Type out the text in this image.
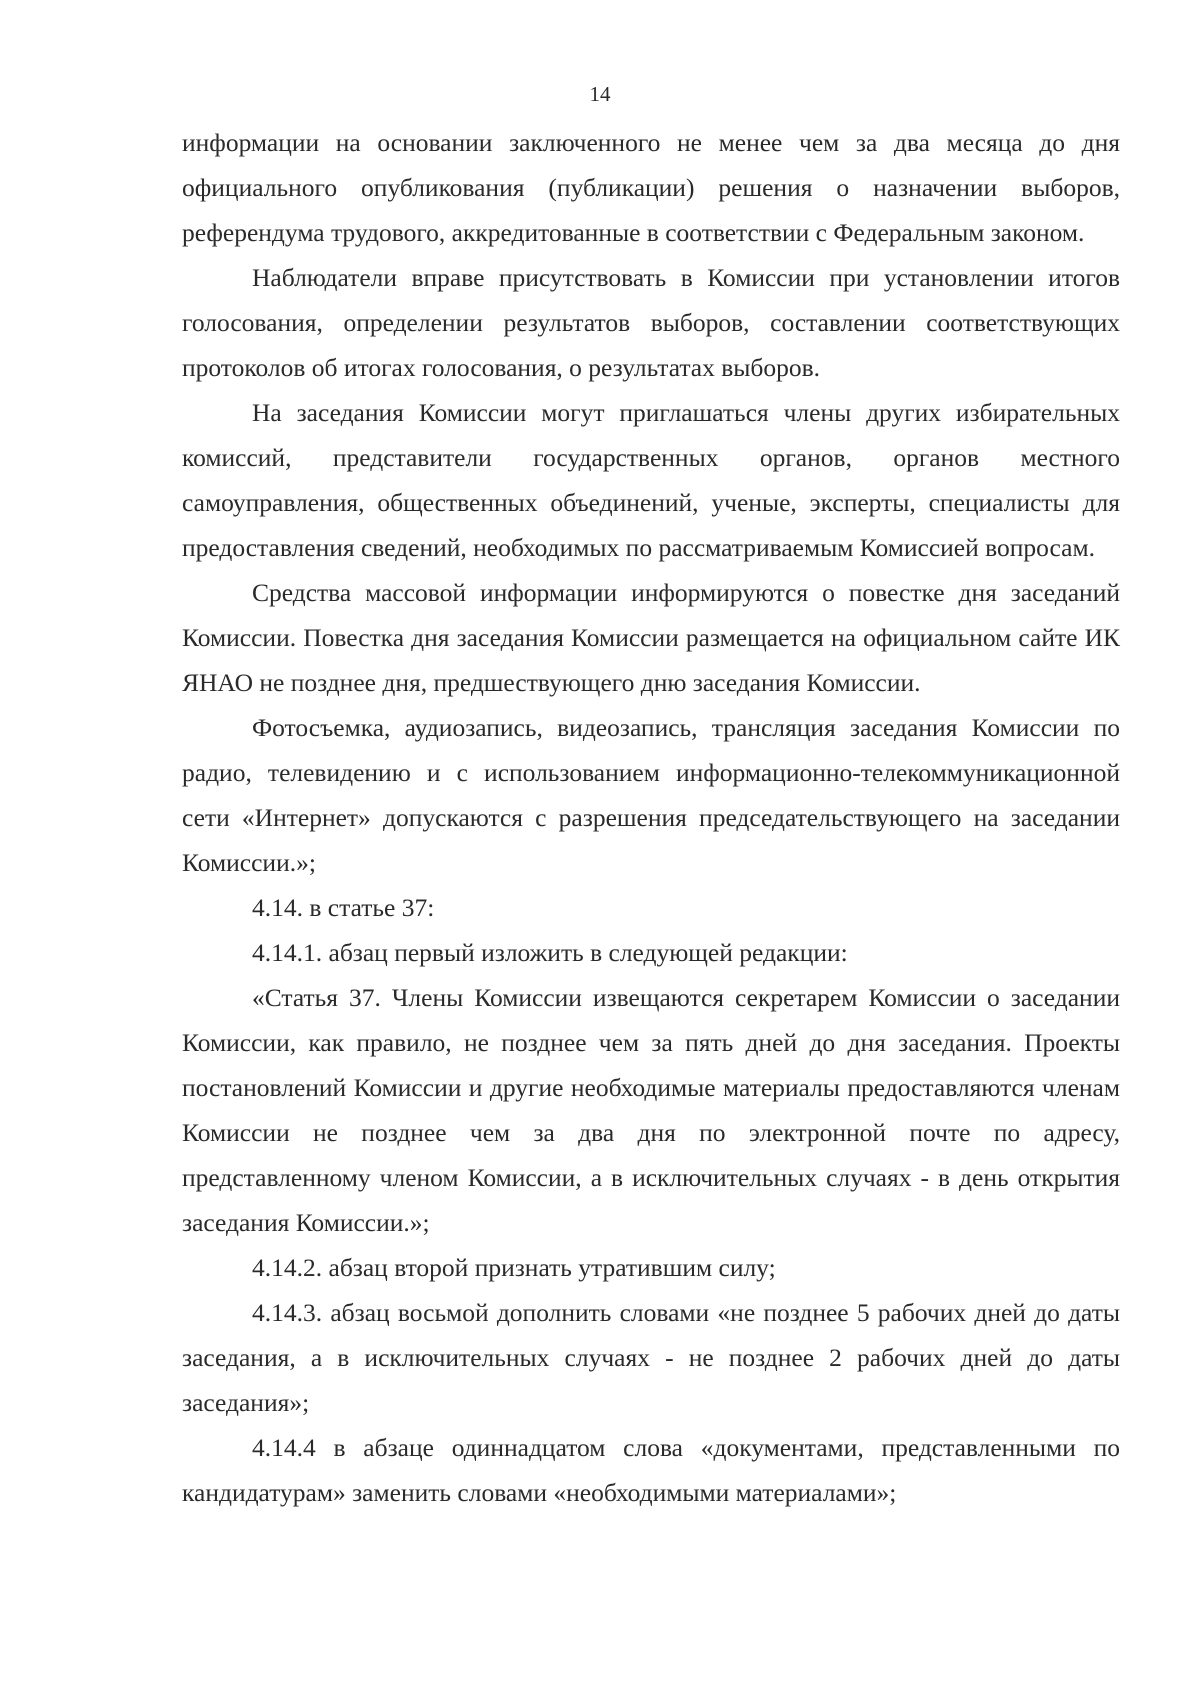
14

информации на основании заключенного не менее чем за два месяца до дня официального опубликования (публикации) решения о назначении выборов, референдума трудового, аккредитованные в соответствии с Федеральным законом.

Наблюдатели вправе присутствовать в Комиссии при установлении итогов голосования, определении результатов выборов, составлении соответствующих протоколов об итогах голосования, о результатах выборов.

На заседания Комиссии могут приглашаться члены других избирательных комиссий, представители государственных органов, органов местного самоуправления, общественных объединений, ученые, эксперты, специалисты для предоставления сведений, необходимых по рассматриваемым Комиссией вопросам.

Средства массовой информации информируются о повестке дня заседаний Комиссии. Повестка дня заседания Комиссии размещается на официальном сайте ИК ЯНАО не позднее дня, предшествующего дню заседания Комиссии.

Фотосъемка, аудиозапись, видеозапись, трансляция заседания Комиссии по радио, телевидению и с использованием информационно-телекоммуникационной сети «Интернет» допускаются с разрешения председательствующего на заседании Комиссии.»;

4.14. в статье 37:

4.14.1. абзац первый изложить в следующей редакции:

«Статья 37. Члены Комиссии извещаются секретарем Комиссии о заседании Комиссии, как правило, не позднее чем за пять дней до дня заседания. Проекты постановлений Комиссии и другие необходимые материалы предоставляются членам Комиссии не позднее чем за два дня по электронной почте по адресу, представленному членом Комиссии, а в исключительных случаях - в день открытия заседания Комиссии.»;

4.14.2. абзац второй признать утратившим силу;

4.14.3. абзац восьмой дополнить словами «не позднее 5 рабочих дней до даты заседания, а в исключительных случаях - не позднее 2 рабочих дней до даты заседания»;

4.14.4 в абзаце одиннадцатом слова «документами, представленными по кандидатурам» заменить словами «необходимыми материалами»;
